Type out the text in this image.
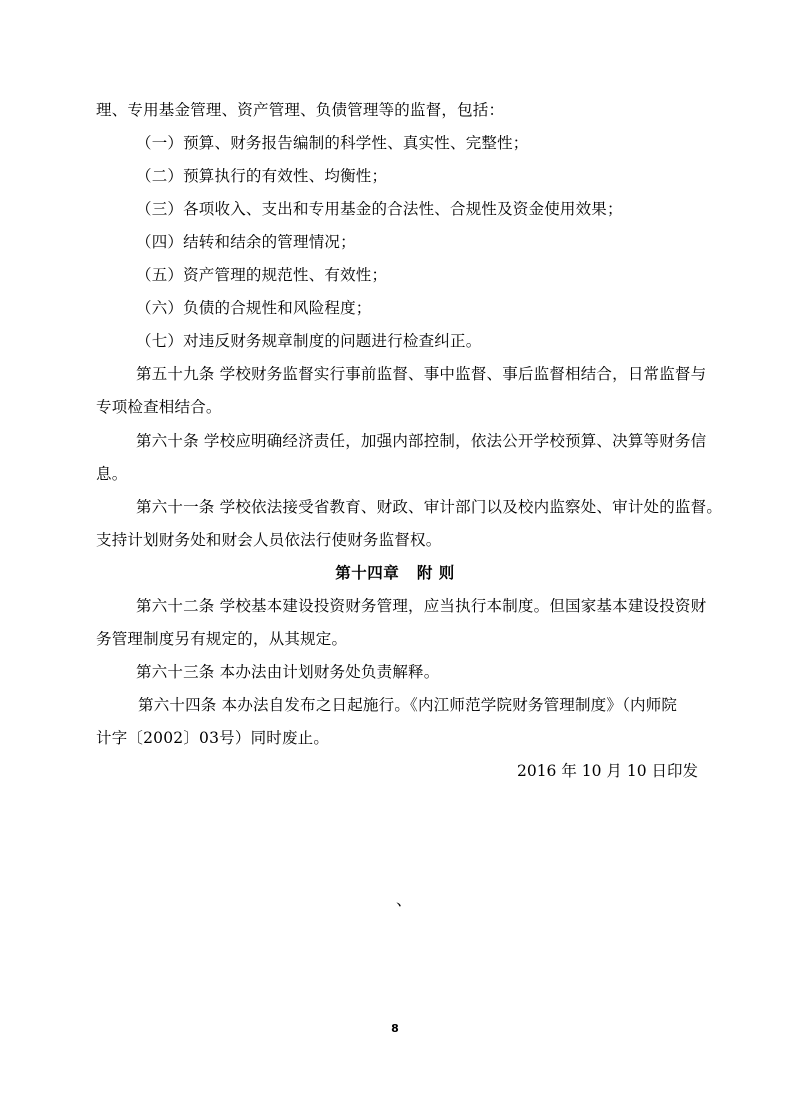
理、专用基金管理、资产管理、负债管理等的监督，包括：
（一）预算、财务报告编制的科学性、真实性、完整性；
（二）预算执行的有效性、均衡性；
（三）各项收入、支出和专用基金的合法性、合规性及资金使用效果；
（四）结转和结余的管理情况；
（五）资产管理的规范性、有效性；
（六）负债的合规性和风险程度；
（七）对违反财务规章制度的问题进行检查纠正。
第五十九条 学校财务监督实行事前监督、事中监督、事后监督相结合，日常监督与
专项检查相结合。
第六十条 学校应明确经济责任，加强内部控制，依法公开学校预算、决算等财务信
息。
第六十一条 学校依法接受省教育、财政、审计部门以及校内监察处、审计处的监督。
支持计划财务处和财会人员依法行使财务监督权。
第十四章   附 则
第六十二条 学校基本建设投资财务管理，应当执行本制度。但国家基本建设投资财
务管理制度另有规定的，从其规定。
第六十三条 本办法由计划财务处负责解释。
第六十四条 本办法自发布之日起施行。《内江师范学院财务管理制度》（内师院
计字〔2002〕03号）同时废止。
2016 年 10 月 10 日印发
、
8
